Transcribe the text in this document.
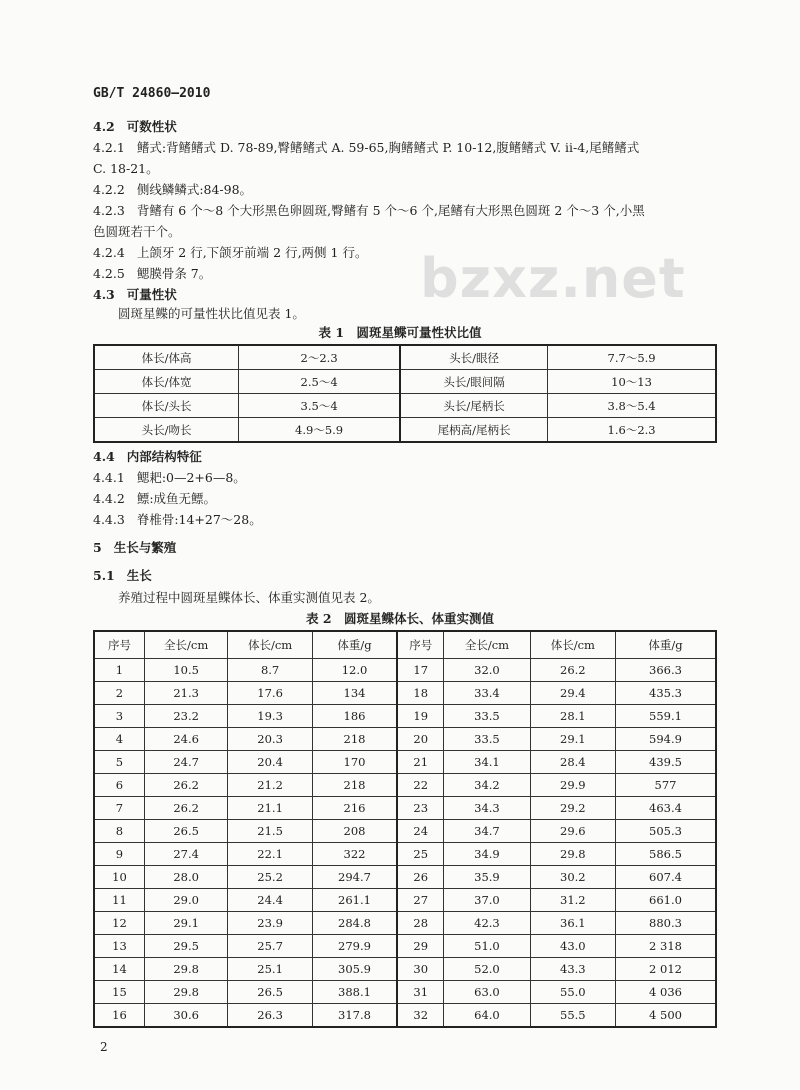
GB/T 24860—2010
bzxz.net
4.2 可数性状
4.2.1 鳍式:背鳍鳍式 D. 78-89,臀鳍鳍式 A. 59-65,胸鳍鳍式 P. 10-12,腹鳍鳍式 V. ii-4,尾鳍鳍式
C. 18-21。
4.2.2 侧线鳞鳞式:84-98。
4.2.3 背鳍有 6 个～8 个大形黑色卵圆斑,臀鳍有 5 个～6 个,尾鳍有大形黑色圆斑 2 个～3 个,小黑
色圆斑若干个。
4.2.4 上颌牙 2 行,下颌牙前端 2 行,两侧 1 行。
4.2.5 鳃膜骨条 7。
4.3 可量性状
圆斑星鲽的可量性状比值见表 1。
表 1　圆斑星鲽可量性状比值
体长/体高	2～2.3	头长/眼径	7.7～5.9
体长/体宽	2.5～4	头长/眼间隔	10～13
体长/头长	3.5～4	头长/尾柄长	3.8～5.4
头长/吻长	4.9～5.9	尾柄高/尾柄长	1.6～2.3
4.4 内部结构特征
4.4.1 鳃耙:0—2+6—8。
4.4.2 鳔:成鱼无鳔。
4.4.3 脊椎骨:14+27～28。
5 生长与繁殖
5.1 生长
养殖过程中圆斑星鲽体长、体重实测值见表 2。
表 2　圆斑星鲽体长、体重实测值
序号	全长/cm	体长/cm	体重/g	序号	全长/cm	体长/cm	体重/g
1	10.5	8.7	12.0	17	32.0	26.2	366.3
2	21.3	17.6	134	18	33.4	29.4	435.3
3	23.2	19.3	186	19	33.5	28.1	559.1
4	24.6	20.3	218	20	33.5	29.1	594.9
5	24.7	20.4	170	21	34.1	28.4	439.5
6	26.2	21.2	218	22	34.2	29.9	577
7	26.2	21.1	216	23	34.3	29.2	463.4
8	26.5	21.5	208	24	34.7	29.6	505.3
9	27.4	22.1	322	25	34.9	29.8	586.5
10	28.0	25.2	294.7	26	35.9	30.2	607.4
11	29.0	24.4	261.1	27	37.0	31.2	661.0
12	29.1	23.9	284.8	28	42.3	36.1	880.3
13	29.5	25.7	279.9	29	51.0	43.0	2 318
14	29.8	25.1	305.9	30	52.0	43.3	2 012
15	29.8	26.5	388.1	31	63.0	55.0	4 036
16	30.6	26.3	317.8	32	64.0	55.5	4 500
2
